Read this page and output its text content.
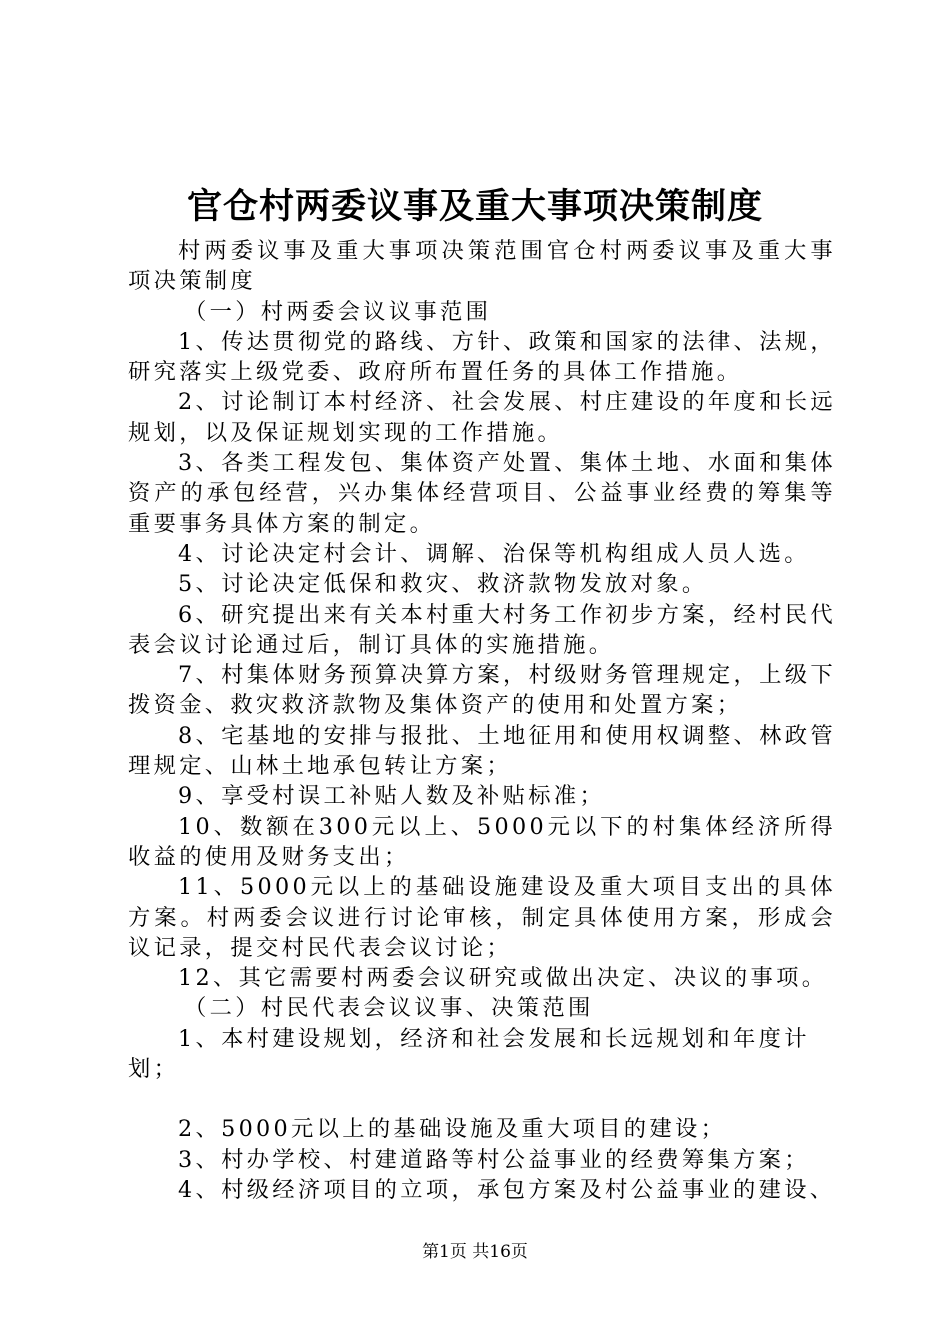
官仓村两委议事及重大事项决策制度

村两委议事及重大事项决策范围官仓村两委议事及重大事项决策制度

（一）村两委会议议事范围

1、传达贯彻党的路线、方针、政策和国家的法律、法规，研究落实上级党委、政府所布置任务的具体工作措施。

2、讨论制订本村经济、社会发展、村庄建设的年度和长远规划，以及保证规划实现的工作措施。

3、各类工程发包、集体资产处置、集体土地、水面和集体资产的承包经营，兴办集体经营项目、公益事业经费的筹集等重要事务具体方案的制定。

4、讨论决定村会计、调解、治保等机构组成人员人选。

5、讨论决定低保和救灾、救济款物发放对象。

6、研究提出来有关本村重大村务工作初步方案，经村民代表会议讨论通过后，制订具体的实施措施。

7、村集体财务预算决算方案，村级财务管理规定，上级下拨资金、救灾救济款物及集体资产的使用和处置方案；

8、宅基地的安排与报批、土地征用和使用权调整、林政管理规定、山林土地承包转让方案；

9、享受村误工补贴人数及补贴标准；

10、数额在300元以上、5000元以下的村集体经济所得收益的使用及财务支出；

11、5000元以上的基础设施建设及重大项目支出的具体方案。村两委会议进行讨论审核，制定具体使用方案，形成会议记录，提交村民代表会议讨论；

12、其它需要村两委会议研究或做出决定、决议的事项。

（二）村民代表会议议事、决策范围

1、本村建设规划，经济和社会发展和长远规划和年度计划；

2、5000元以上的基础设施及重大项目的建设；

3、村办学校、村建道路等村公益事业的经费筹集方案；

4、村级经济项目的立项，承包方案及村公益事业的建设、

第1页 共16页
